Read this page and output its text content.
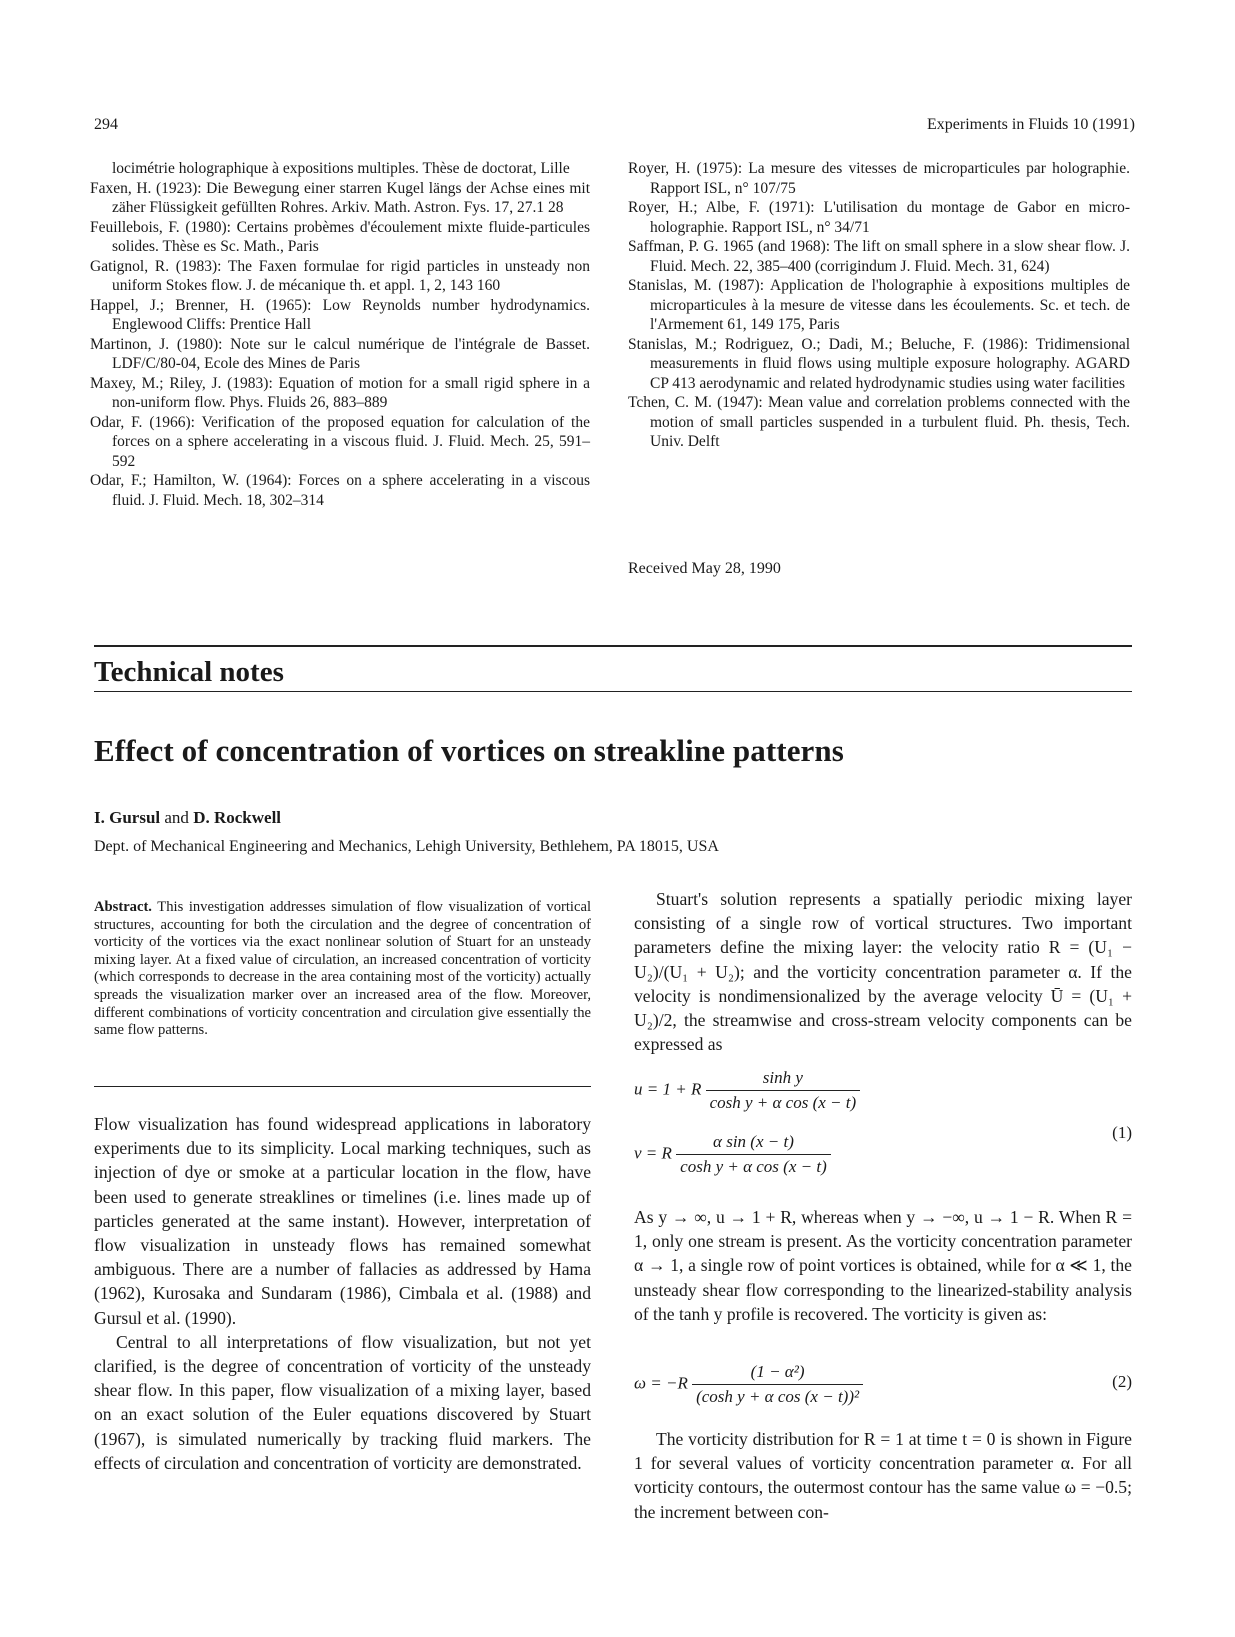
294	Experiments in Fluids 10 (1991)
locimétrie holographique à expositions multiples. Thèse de doctorat, Lille
Faxen, H. (1923): Die Bewegung einer starren Kugel längs der Achse eines mit zäher Flüssigkeit gefüllten Rohres. Arkiv. Math. Astron. Fys. 17, 27.1 28
Feuillebois, F. (1980): Certains probèmes d'écoulement mixte fluide-particules solides. Thèse es Sc. Math., Paris
Gatignol, R. (1983): The Faxen formulae for rigid particles in unsteady non uniform Stokes flow. J. de mécanique th. et appl. 1, 2, 143 160
Happel, J.; Brenner, H. (1965): Low Reynolds number hydrodynamics. Englewood Cliffs: Prentice Hall
Martinon, J. (1980): Note sur le calcul numérique de l'intégrale de Basset. LDF/C/80-04, Ecole des Mines de Paris
Maxey, M.; Riley, J. (1983): Equation of motion for a small rigid sphere in a non-uniform flow. Phys. Fluids 26, 883–889
Odar, F. (1966): Verification of the proposed equation for calculation of the forces on a sphere accelerating in a viscous fluid. J. Fluid. Mech. 25, 591–592
Odar, F.; Hamilton, W. (1964): Forces on a sphere accelerating in a viscous fluid. J. Fluid. Mech. 18, 302–314
Royer, H. (1975): La mesure des vitesses de microparticules par holographie. Rapport ISL, n° 107/75
Royer, H.; Albe, F. (1971): L'utilisation du montage de Gabor en micro-holographie. Rapport ISL, n° 34/71
Saffman, P. G. 1965 (and 1968): The lift on small sphere in a slow shear flow. J. Fluid. Mech. 22, 385–400 (corrigindum J. Fluid. Mech. 31, 624)
Stanislas, M. (1987): Application de l'holographie à expositions multiples de microparticules à la mesure de vitesse dans les écoulements. Sc. et tech. de l'Armement 61, 149 175, Paris
Stanislas, M.; Rodriguez, O.; Dadi, M.; Beluche, F. (1986): Tridimensional measurements in fluid flows using multiple exposure holography. AGARD CP 413 aerodynamic and related hydrodynamic studies using water facilities
Tchen, C. M. (1947): Mean value and correlation problems connected with the motion of small particles suspended in a turbulent fluid. Ph. thesis, Tech. Univ. Delft
Received May 28, 1990
Technical notes
Effect of concentration of vortices on streakline patterns
I. Gursul and D. Rockwell
Dept. of Mechanical Engineering and Mechanics, Lehigh University, Bethlehem, PA 18015, USA
Abstract. This investigation addresses simulation of flow visualization of vortical structures, accounting for both the circulation and the degree of concentration of vorticity of the vortices via the exact nonlinear solution of Stuart for an unsteady mixing layer. At a fixed value of circulation, an increased concentration of vorticity (which corresponds to decrease in the area containing most of the vorticity) actually spreads the visualization marker over an increased area of the flow. Moreover, different combinations of vorticity concentration and circulation give essentially the same flow patterns.

Flow visualization has found widespread applications in laboratory experiments due to its simplicity. Local marking techniques, such as injection of dye or smoke at a particular location in the flow, have been used to generate streaklines or timelines (i.e. lines made up of particles generated at the same instant). However, interpretation of flow visualization in unsteady flows has remained somewhat ambiguous. There are a number of fallacies as addressed by Hama (1962), Kurosaka and Sundaram (1986), Cimbala et al. (1988) and Gursul et al. (1990).

Central to all interpretations of flow visualization, but not yet clarified, is the degree of concentration of vorticity of the unsteady shear flow. In this paper, flow visualization of a mixing layer, based on an exact solution of the Euler equations discovered by Stuart (1967), is simulated numerically by tracking fluid markers. The effects of circulation and concentration of vorticity are demonstrated.

Stuart's solution represents a spatially periodic mixing layer consisting of a single row of vortical structures. Two important parameters define the mixing layer: the velocity ratio R = (U₁ − U₂)/(U₁ + U₂); and the vorticity concentration parameter α. If the velocity is nondimensionalized by the average velocity Ū = (U₁ + U₂)/2, the streamwise and cross-stream velocity components can be expressed as

u = 1 + R $\frac{\text{sinh y}}{\text{cosh y + α cos (x − t)}}$
v = R $\frac{\text{α sin (x − t)}}{\text{cosh y + α cos (x − t)}}$	(1)

As y → ∞, u → 1 + R, whereas when y → −∞, u → 1 − R. When R = 1, only one stream is present. As the vorticity concentration parameter α → 1, a single row of point vortices is obtained, while for α ≪ 1, the unsteady shear flow corresponding to the linearized-stability analysis of the tanh y profile is recovered. The vorticity is given as:

$\omega = -R \frac{\text{(1 − α²)}}{\text{(cosh y + α cos (x − t))²}}$	(2)

The vorticity distribution for R = 1 at time t = 0 is shown in Figure 1 for several values of vorticity concentration parameter α. For all vorticity contours, the outermost contour has the same value ω = −0.5; the increment between con-
